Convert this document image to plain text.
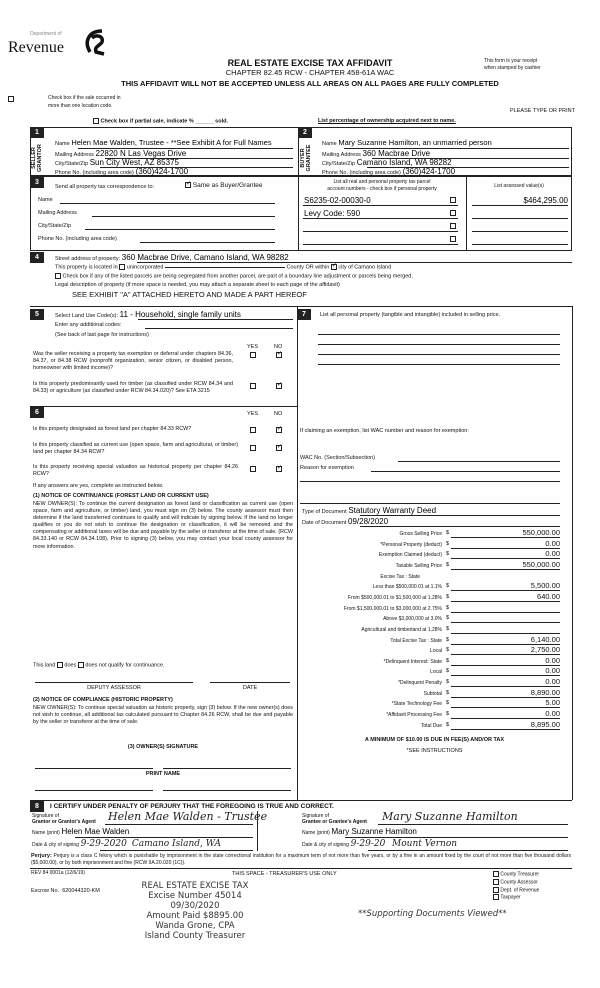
Department of
Revenue
REAL ESTATE EXCISE TAX AFFIDAVIT
CHAPTER 82.45 RCW - CHAPTER 458-61A WAC
This form is your receipt
when stamped by cashier
THIS AFFIDAVIT WILL NOT BE ACCEPTED UNLESS ALL AREAS ON ALL PAGES ARE FULLY COMPLETED
Check box if the sale occurred in
more than one location code.
PLEASE TYPE OR PRINT
Check box if partial sale, indicate % ______ sold.	List percentage of ownership acquired next to name.
1	2
SELLER
GRANTOR	BUYER
GRANTEE
Name Helen Mae Walden, Trustee - **See Exhibit A for Full Names
Mailing Address 22820 N Las Vegas Drive
City/State/Zip Sun City West, AZ 85375
Phone No. (including area code) (360)424-1700
Name Mary Suzanne Hamilton, an unmarried person
Mailing Address 360 Macbrae Drive
City/State/Zip Camano Island, WA 98282
Phone No. (including area code) (360)424-1700
3
Send all property tax correspondence to: ✓	Same as Buyer/Grantee
Name
Mailing Address
City/State/Zip
Phone No. (including area code)
List all real and personal property tax parcel
account numbers - check box if personal property	List assessed value(s)
S6235-02-00030-0
Levy Code: 590
$464,295.00
4	Street address of property: 360 Macbrae Drive, Camano Island, WA 98282
This property is located in unincorporated	County OR within ✓ city of Camano Island
Check box if any of the listed parcels are being segregated from another parcel, are part of a boundary line adjustment or parcels being merged.
Legal description of property (if more space is needed, you may attach a separate sheet to each page of the affidavit)
SEE EXHIBIT "A" ATTACHED HERETO AND MADE A PART HEREOF
5	Select Land Use Code(s): 11 - Household, single family units
Enter any additional codes:
(See back of last page for instructions)
YES	NO
Was the seller receiving a property tax exemption or deferral under chapters 84.36, 84.37, or 84.38 RCW (nonprofit organization, senior citizen, or disabled person, homeowner with limited income)?
✓
Is this property predominantly used for timber (as classified under RCW 84.34 and 84.33) or agriculture (as classified under RCW 84.34.020)? See ETA 3215
✓
6	YES	NO
Is this property designated as forest land per chapter 84.33 RCW?
✓
Is this property classified as current use (open space, farm and agricultural, or timber) land per chapter 84.34 RCW?
✓
Is this property receiving special valuation as historical property per chapter 84.26 RCW?
✓
If any answers are yes, complete as instructed below.
(1) NOTICE OF CONTINUANCE (FOREST LAND OR CURRENT USE)
NEW OWNER(S): To continue the current designation as forest land or classification as current use (open space, farm and agriculture, or timber) land, you must sign on (3) below. The county assessor must then determine if the land transferred continues to qualify and will indicate by signing below. If the land no longer qualifies or you do not wish to continue the designation or classification, it will be removed and the compensating or additional taxes will be due and payable by the seller or transferor at the time of sale. (RCW 84.33.140 or RCW 84.34.108). Prior to signing (3) below, you may contact your local county assessor for more information.
This land does does not qualify for continuance.
DEPUTY ASSESSOR	DATE
(2) NOTICE OF COMPLIANCE (HISTORIC PROPERTY)
NEW OWNER(S): To continue special valuation as historic property, sign (3) below. If the new owner(s) does not wish to continue, all additional tax calculated pursuant to Chapter 84.26 RCW, shall be due and payable by the seller or transferor at the time of sale.
(3) OWNER(S) SIGNATURE
PRINT NAME
7	List all personal property (tangible and intangible) included in selling price.
If claiming an exemption, list WAC number and reason for exemption:
WAC No. (Section/Subsection)
Reason for exemption
Type of Document Statutory Warranty Deed
Date of Document 09/28/2020
Gross Selling Price $	550,000.00
*Personal Property (deduct) $	0.00
Exemption Claimed (deduct) $	0.00
Taxable Selling Price $	550,000.00
Excise Tax : State
Less than $500,000.01 at 1.1% $	5,500.00
From $500,000.01 to $1,500,000 at 1.28% $	640.00
From $1,500,000.01 to $3,000,000 at 2.75% $
Above $3,000,000 at 3.0% $
Agricultural and timberland at 1.28% $
Total Excise Tax : State $	6,140.00
Local $	2,750.00
*Delinquent Interest: State $	0.00
Local $	0.00
*Delinquent Penalty $	0.00
Subtotal $	8,890.00
*State Technology Fee $	5.00
*Affidavit Processing Fee $	0.00
Total Due $	8,895.00
A MINIMUM OF $10.00 IS DUE IN FEE(S) AND/OR TAX
*SEE INSTRUCTIONS
8	I CERTIFY UNDER PENALTY OF PERJURY THAT THE FOREGOING IS TRUE AND CORRECT.
Signature of
Grantor or Grantor's Agent Helen Mae Walden - Trustee
Name (print) Helen Mae Walden
Date & city of signing 9-29-2020 Camano Island, WA
Signature of
Grantee or Grantee's Agent Mary Suzanne Hamilton
Name (print) Mary Suzanne Hamilton
Date & city of signing 9-29-20 Mount Vernon
Perjury: Perjury is a class C felony which is punishable by imprisonment in the state correctional institution for a maximum term of not more than five years, or by a fine in an amount fixed by the court of not more than five thousand dollars ($5,000.00), or by both imprisonment and fine (RCW 9A.20.020 (1C)).
REV 84 0001a (12/6/19)	THIS SPACE - TREASURER'S USE ONLY	County Treasurer
County Assessor
Dept. of Revenue
Taxpayer
Escrow No. 620044320-KM	REAL ESTATE EXCISE TAX
Excise Number 45014
09/30/2020
Amount Paid $8895.00
Wanda Grone, CPA
Island County Treasurer
**Supporting Documents Viewed**
